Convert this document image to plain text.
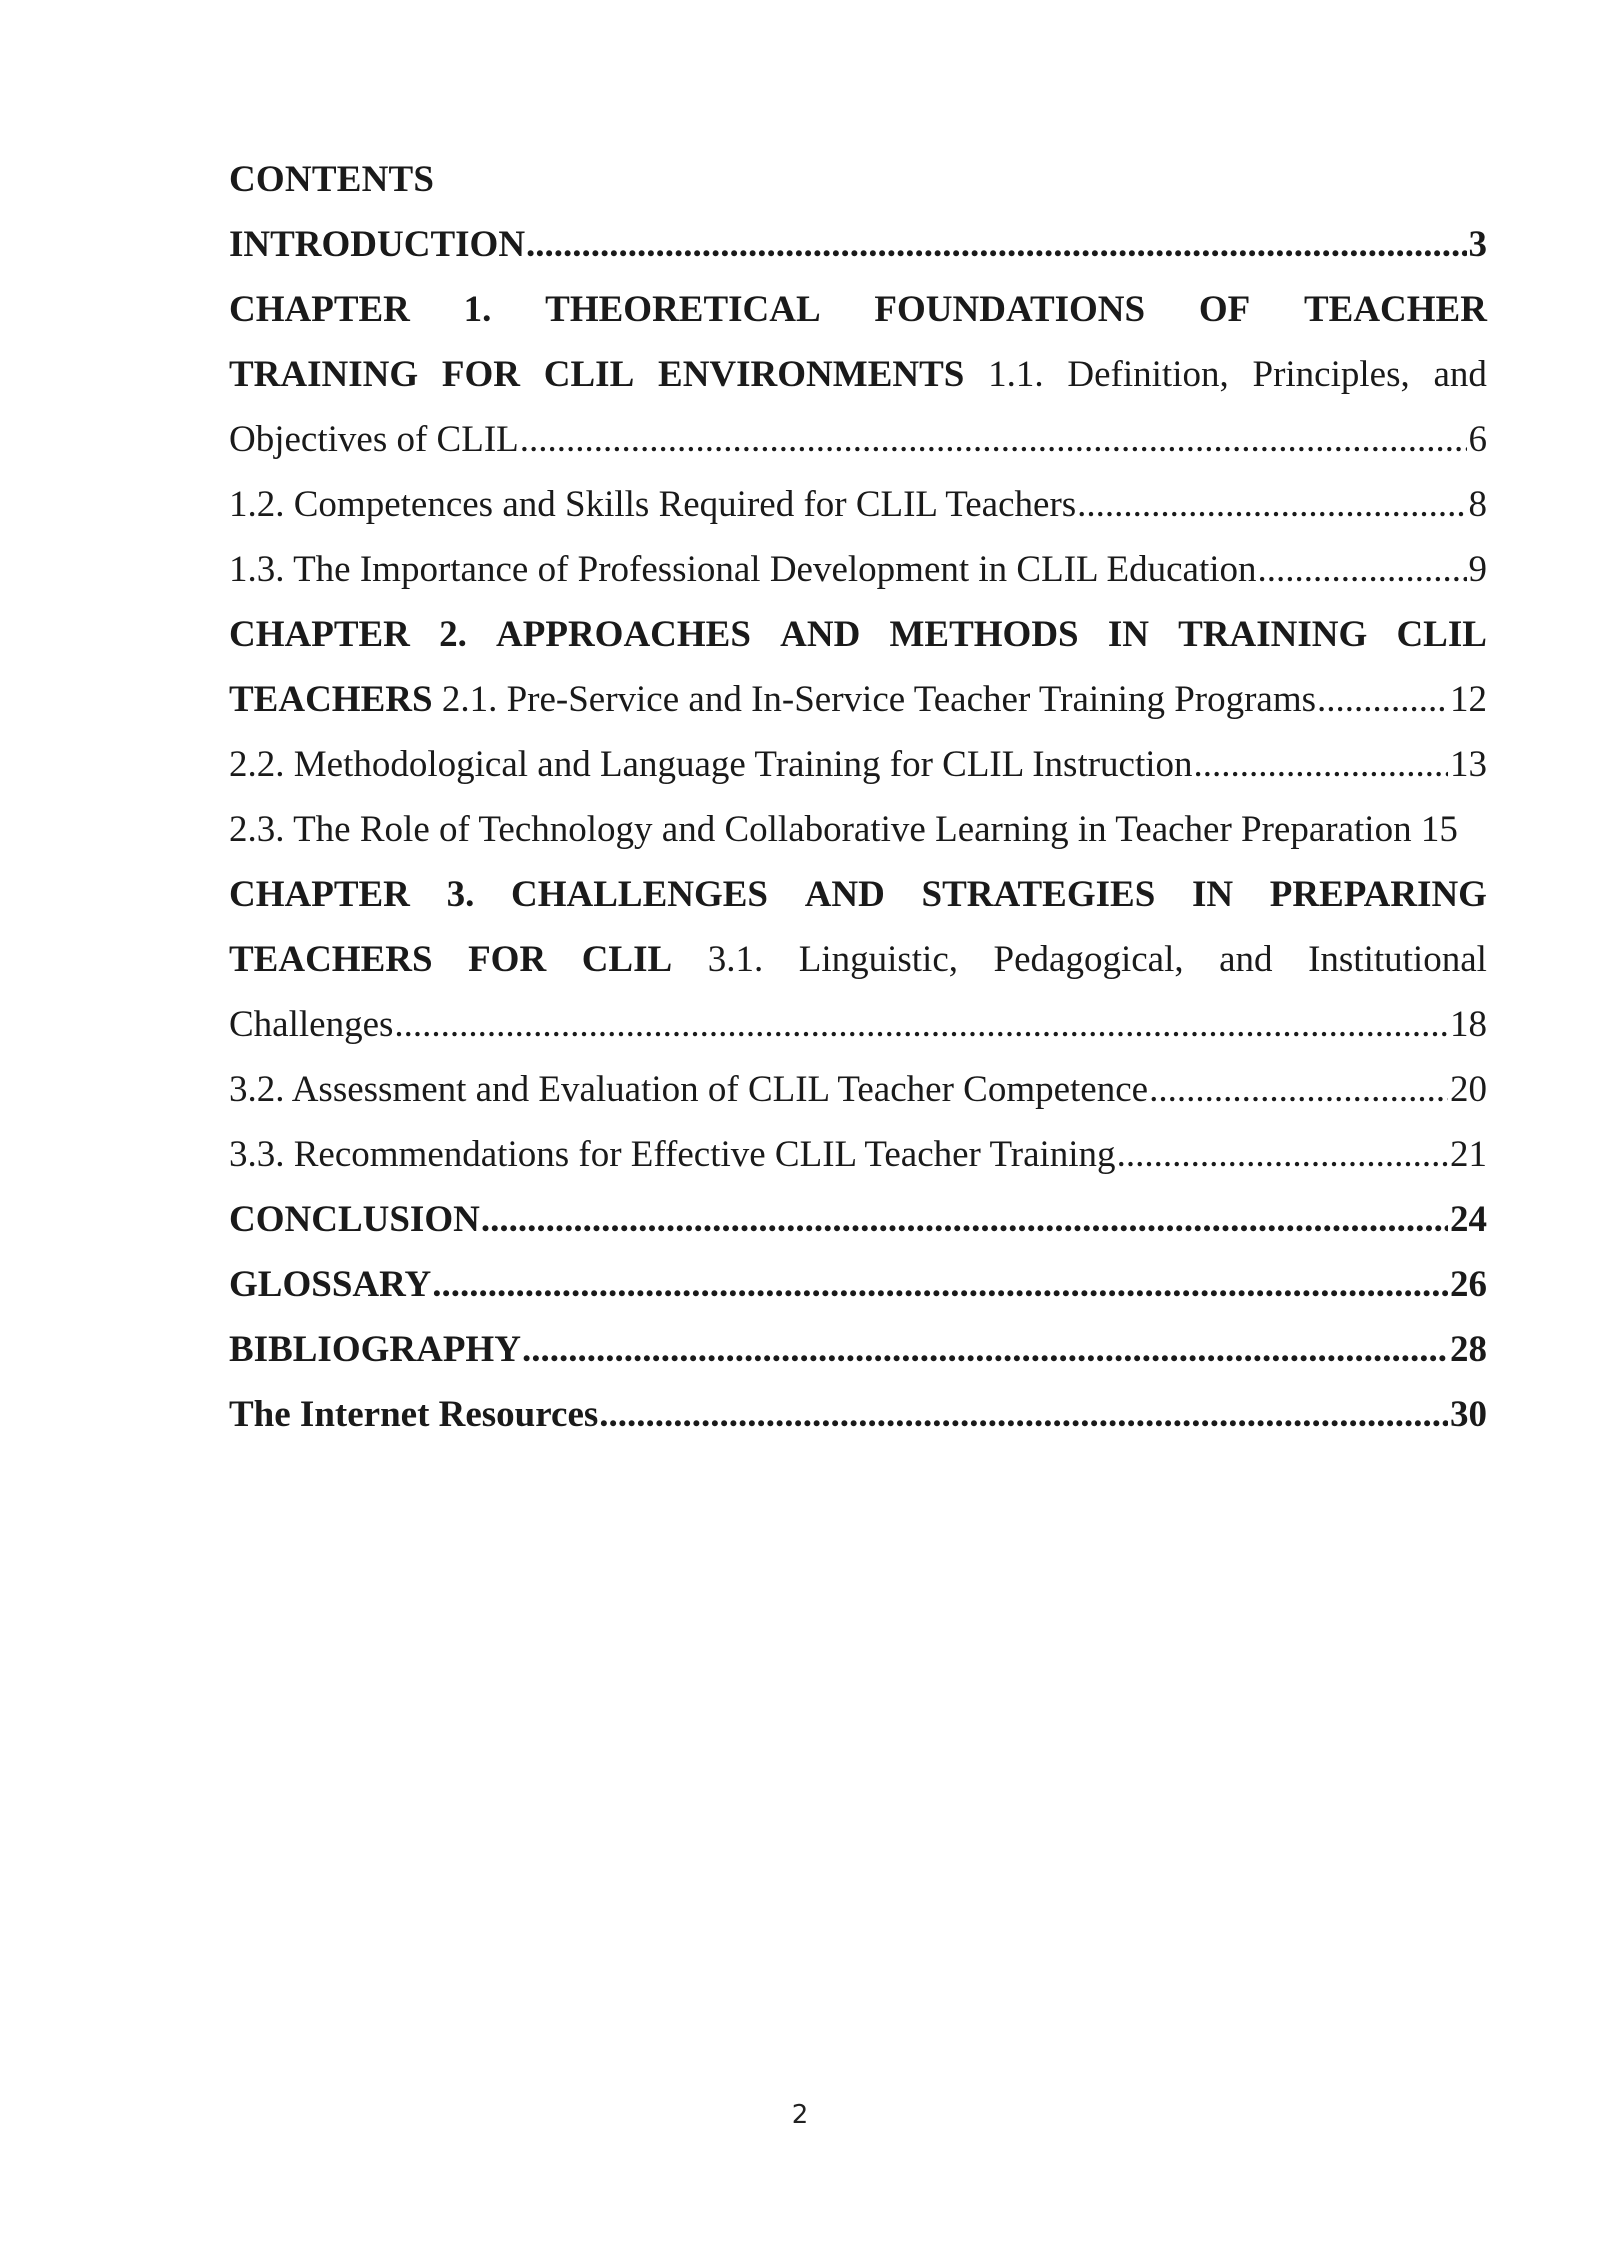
CONTENTS
INTRODUCTION .....	3
CHAPTER 1. THEORETICAL FOUNDATIONS OF TEACHER
TRAINING FOR CLIL ENVIRONMENTS 1.1. Definition, Principles, and
Objectives of CLIL .....	6
1.2. Competences and Skills Required for CLIL Teachers .....	8
1.3. The Importance of Professional Development in CLIL Education .....	9
CHAPTER 2. APPROACHES AND METHODS IN TRAINING CLIL
TEACHERS 2.1. Pre-Service and In-Service Teacher Training Programs .....	12
2.2. Methodological and Language Training for CLIL Instruction .....	13
2.3. The Role of Technology and Collaborative Learning in Teacher Preparation 15
CHAPTER 3. CHALLENGES AND STRATEGIES IN PREPARING
TEACHERS FOR CLIL 3.1. Linguistic, Pedagogical, and Institutional
Challenges .....	18
3.2. Assessment and Evaluation of CLIL Teacher Competence .....	20
3.3. Recommendations for Effective CLIL Teacher Training .....	21
CONCLUSION .....	24
GLOSSARY .....	26
BIBLIOGRAPHY .....	28
The Internet Resources .....	30
2
